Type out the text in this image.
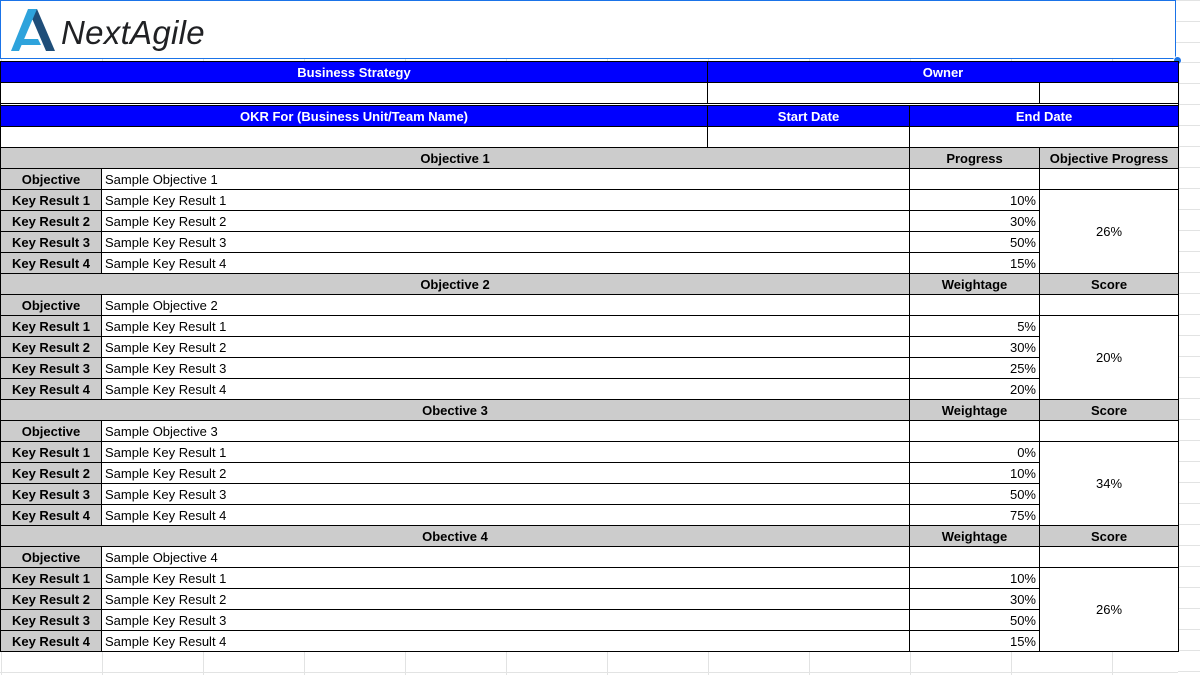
NextAgile
Business Strategy		Owner		

OKR For (Business Unit/Team Name)		Start Date	End Date	

Objective 1			Progress	Objective Progress
Objective	Sample Objective 1			
Key Result 1	Sample Key Result 1		10%	26%
Key Result 2	Sample Key Result 2		30%	
Key Result 3	Sample Key Result 3		50%	
Key Result 4	Sample Key Result 4		15%	
Objective 2			Weightage	Score
Objective	Sample Objective 2			
Key Result 1	Sample Key Result 1		5%	20%
Key Result 2	Sample Key Result 2		30%	
Key Result 3	Sample Key Result 3		25%	
Key Result 4	Sample Key Result 4		20%	
Obective 3			Weightage	Score
Objective	Sample Objective 3			
Key Result 1	Sample Key Result 1		0%	34%
Key Result 2	Sample Key Result 2		10%	
Key Result 3	Sample Key Result 3		50%	
Key Result 4	Sample Key Result 4		75%	
Obective 4			Weightage	Score
Objective	Sample Objective 4			
Key Result 1	Sample Key Result 1		10%	26%
Key Result 2	Sample Key Result 2		30%	
Key Result 3	Sample Key Result 3		50%	
Key Result 4	Sample Key Result 4		15%	
